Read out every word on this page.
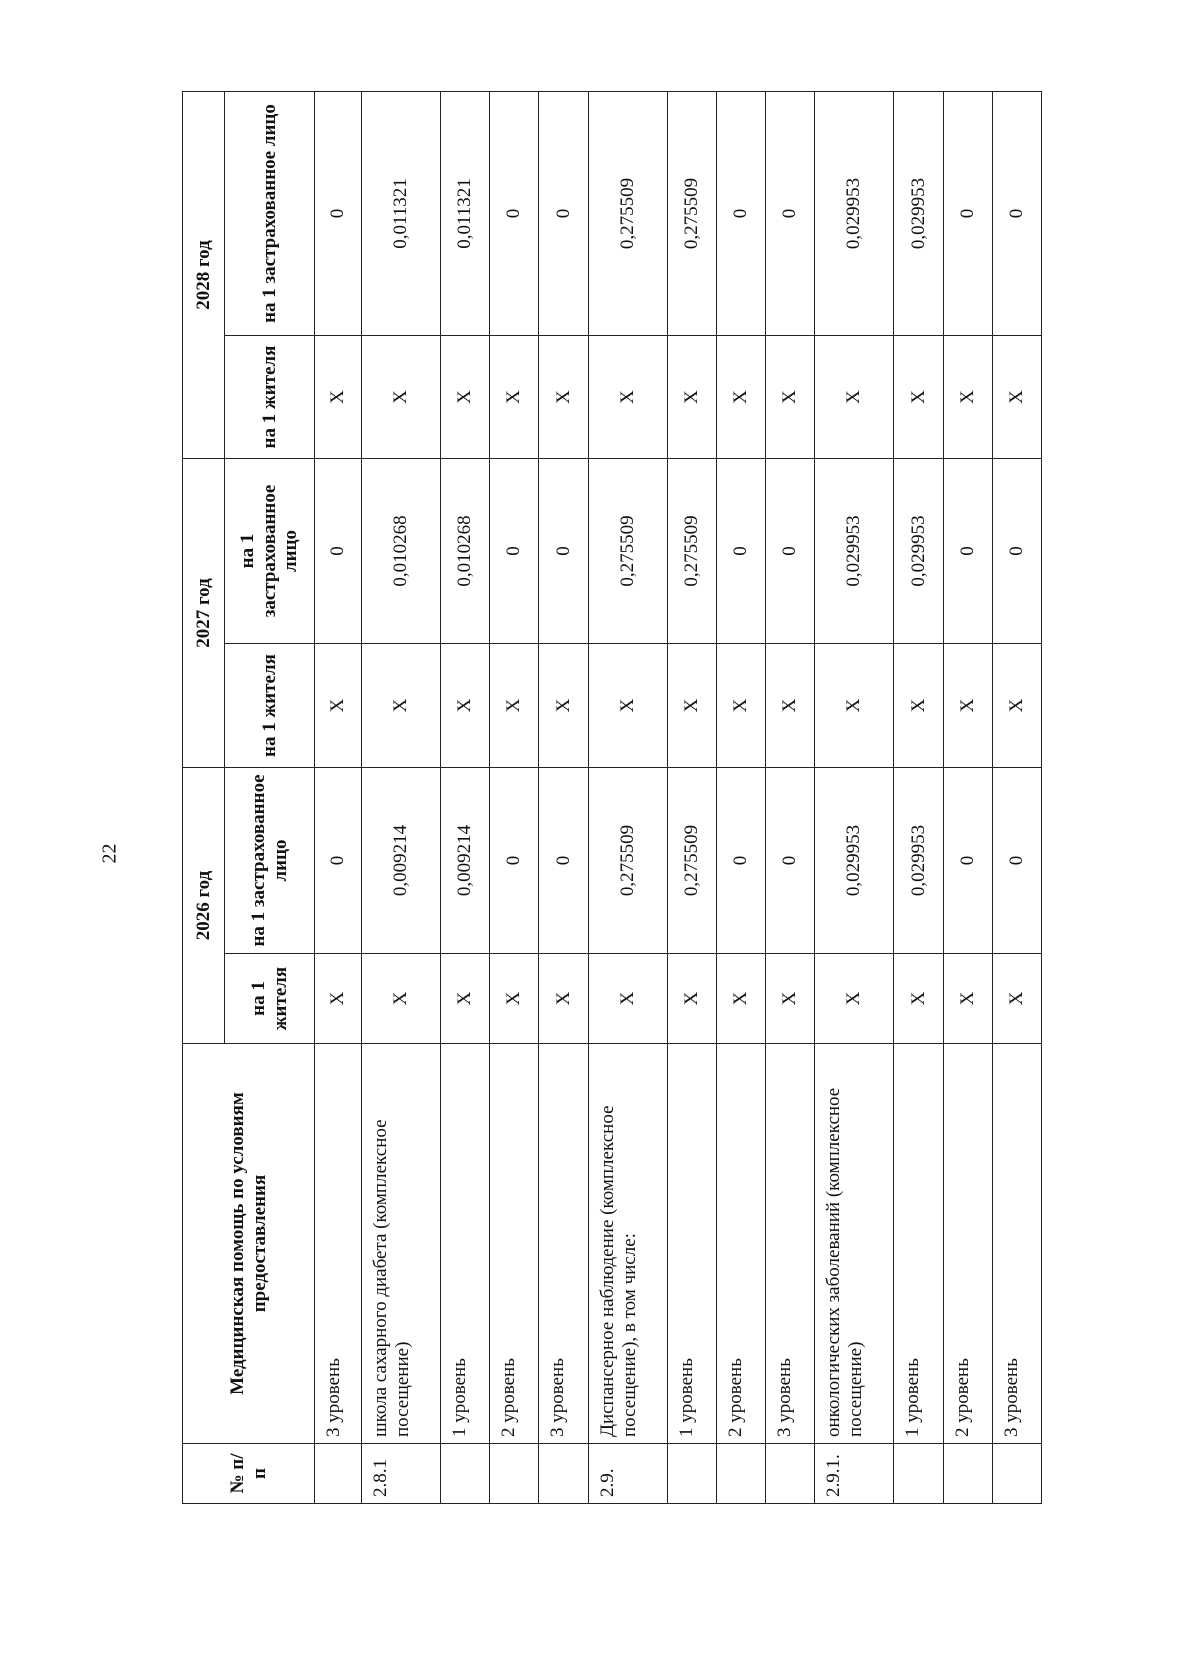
22
№ п/п	Медицинская помощь по условиям предоставления	2026 год		2027 год		2028 год	
		на 1 жителя	на 1 застрахованное лицо	на 1 жителя	на 1 застрахованное лицо	на 1 жителя	на 1 застрахованное лицо
	3 уровень	X	0	X	0	X	0
2.8.1	школа сахарного диабета (комплексное посещение)	X	0,009214	X	0,010268	X	0,011321
	1 уровень	X	0,009214	X	0,010268	X	0,011321
	2 уровень	X	0	X	0	X	0
	3 уровень	X	0	X	0	X	0
2.9.	Диспансерное наблюдение (комплексное посещение), в том числе:	X	0,275509	X	0,275509	X	0,275509
	1 уровень	X	0,275509	X	0,275509	X	0,275509
	2 уровень	X	0	X	0	X	0
	3 уровень	X	0	X	0	X	0
2.9.1.	онкологических заболеваний (комплексное посещение)	X	0,029953	X	0,029953	X	0,029953
	1 уровень	X	0,029953	X	0,029953	X	0,029953
	2 уровень	X	0	X	0	X	0
	3 уровень	X	0	X	0	X	0
